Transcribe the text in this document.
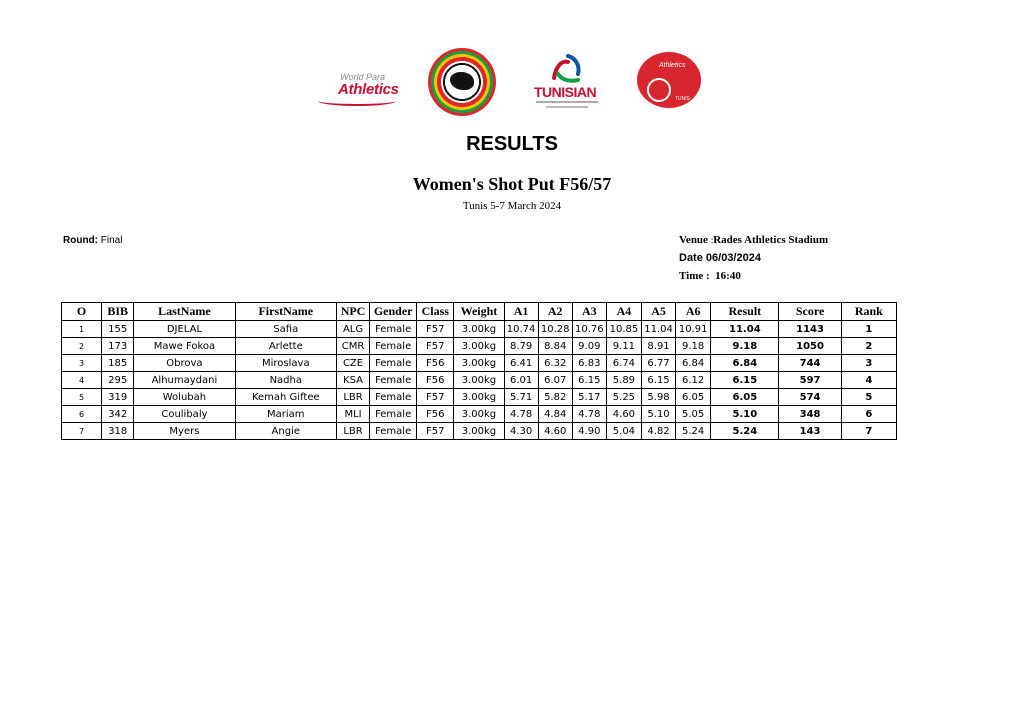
World Para
Athletics	TUNISIAN
Athletics
TUNIS
RESULTS
Women's Shot Put F56/57
Tunis 5-7 March 2024
Round: Final	Venue :Rades Athletics Stadium
Date 06/03/2024
Time : 16:40
O	BIB	LastName	FirstName	NPC	Gender	Class	Weight	A1	A2	A3	A4	A5	A6	Result	Score	Rank
1	155	DJELAL	Safia	ALG	Female	F57	3.00kg	10.74	10.28	10.76	10.85	11.04	10.91	11.04	1143	1
2	173	Mawe Fokoa	Arlette	CMR	Female	F57	3.00kg	8.79	8.84	9.09	9.11	8.91	9.18	9.18	1050	2
3	185	Obrova	Miroslava	CZE	Female	F56	3.00kg	6.41	6.32	6.83	6.74	6.77	6.84	6.84	744	3
4	295	Alhumaydani	Nadha	KSA	Female	F56	3.00kg	6.01	6.07	6.15	5.89	6.15	6.12	6.15	597	4
5	319	Wolubah	Kemah Giftee	LBR	Female	F57	3.00kg	5.71	5.82	5.17	5.25	5.98	6.05	6.05	574	5
6	342	Coulibaly	Mariam	MLI	Female	F56	3.00kg	4.78	4.84	4.78	4.60	5.10	5.05	5.10	348	6
7	318	Myers	Angie	LBR	Female	F57	3.00kg	4.30	4.60	4.90	5.04	4.82	5.24	5.24	143	7
